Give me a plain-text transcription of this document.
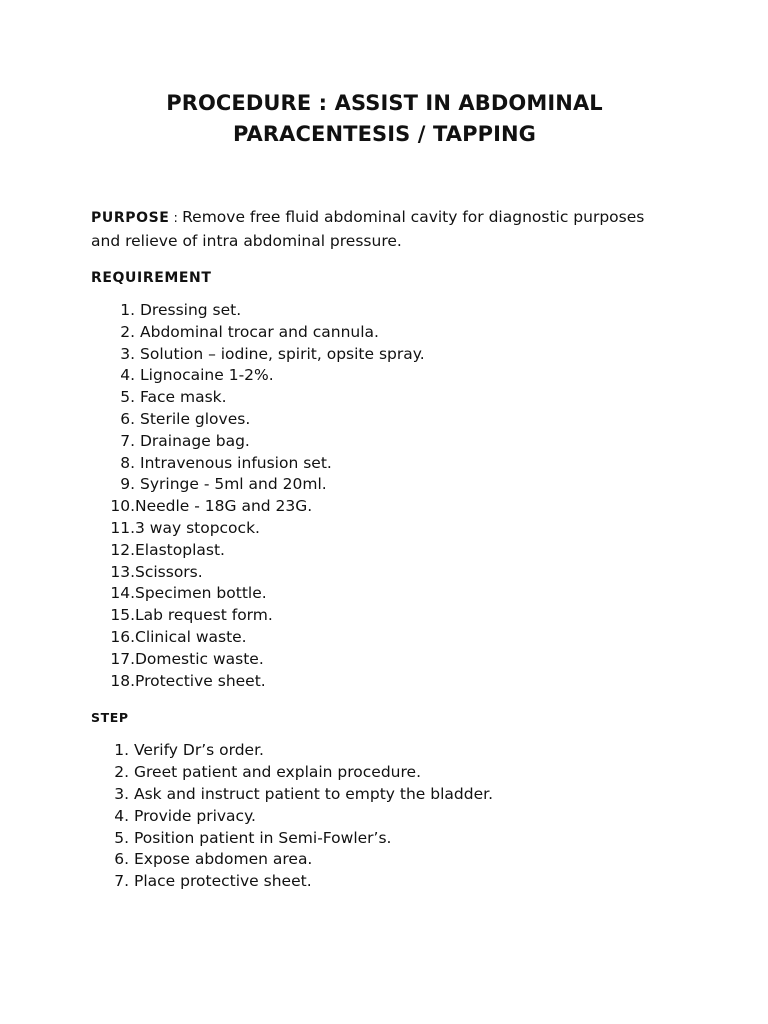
PROCEDURE : ASSIST IN ABDOMINAL
PARACENTESIS / TAPPING

PURPOSE : Remove free fluid abdominal cavity for diagnostic purposes and relieve of intra abdominal pressure.

REQUIREMENT
1. Dressing set.
2. Abdominal trocar and cannula.
3. Solution – iodine, spirit, opsite spray.
4. Lignocaine 1-2%.
5. Face mask.
6. Sterile gloves.
7. Drainage bag.
8. Intravenous infusion set.
9. Syringe - 5ml and 20ml.
10. Needle - 18G and 23G.
11. 3 way stopcock.
12. Elastoplast.
13. Scissors.
14. Specimen bottle.
15. Lab request form.
16. Clinical waste.
17. Domestic waste.
18. Protective sheet.
STEP
1. Verify Dr’s order.
2. Greet patient and explain procedure.
3. Ask and instruct patient to empty the bladder.
4. Provide privacy.
5. Position patient in Semi-Fowler’s.
6. Expose abdomen area.
7. Place protective sheet.
